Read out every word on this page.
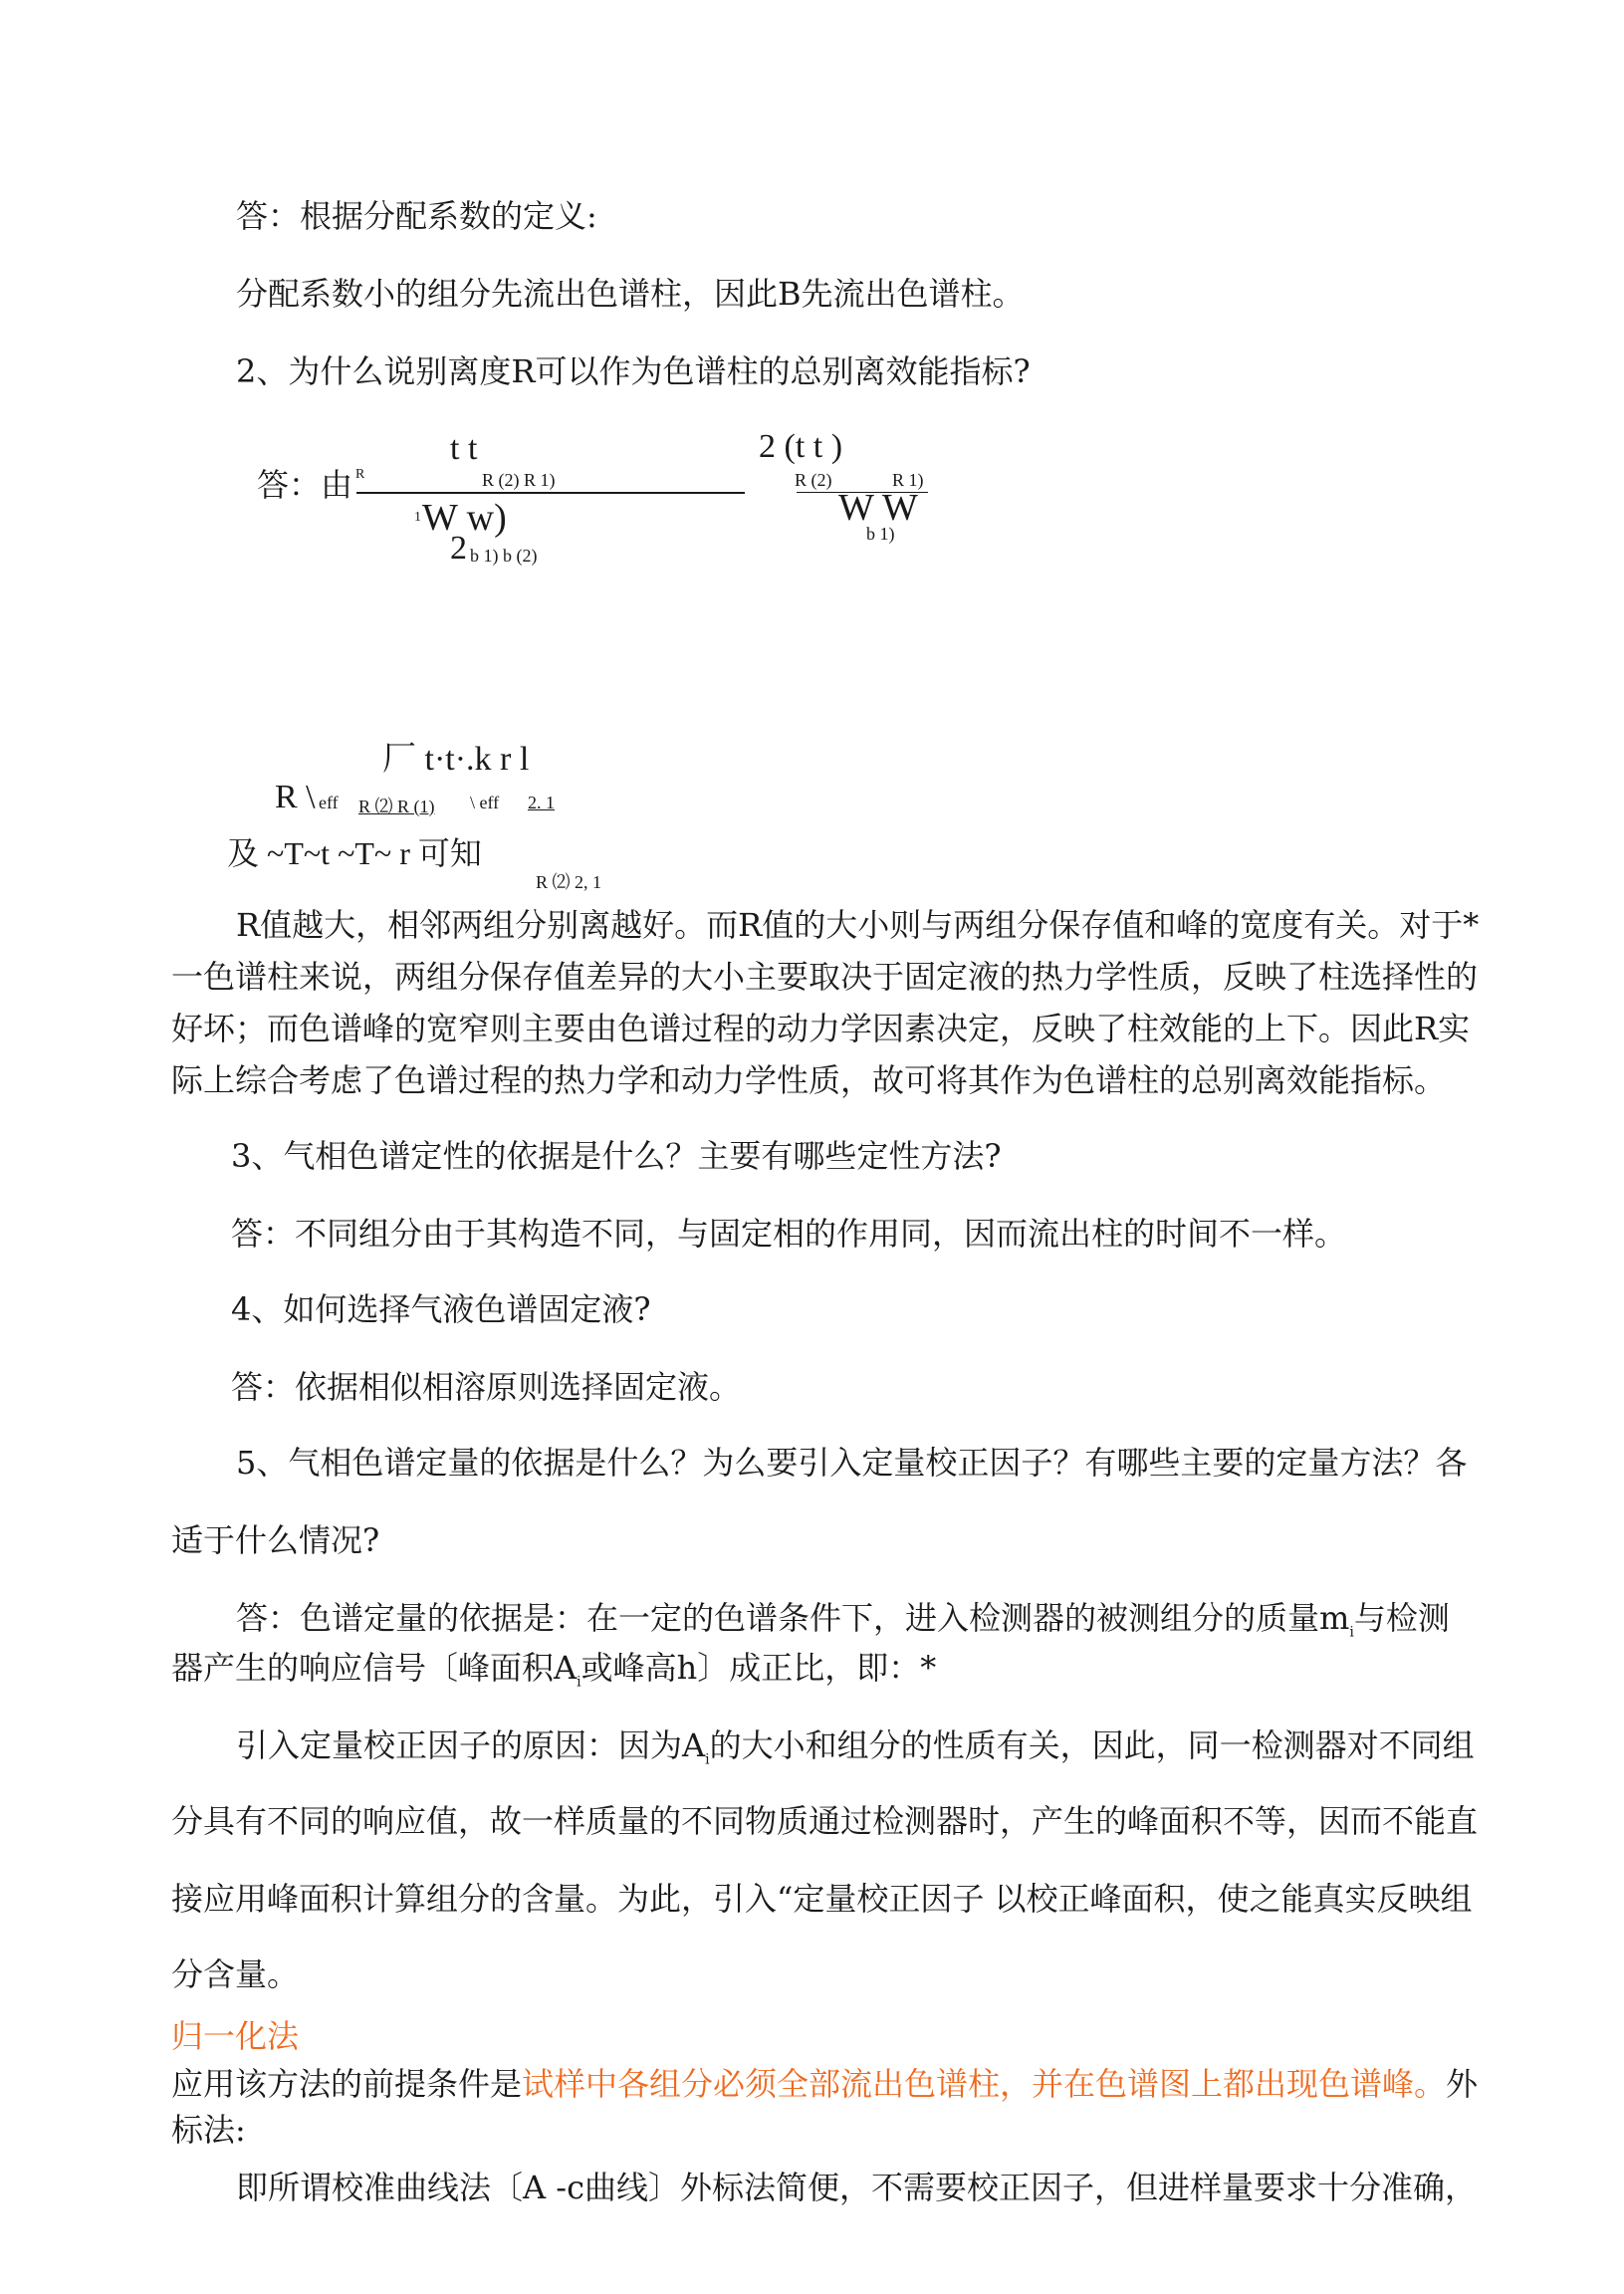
答：根据分配系数的定义:
分配系数小的组分先流出色谱柱，因此B先流出色谱柱。
2、为什么说别离度R可以作为色谱柱的总别离效能指标?
答：由 R
t t
R (2) R 1)
1 W w)
2 b 1) b (2)
2 (t t )
R (2)	R 1)
W W
b 1)
厂 t·t·.k r l
R \ eff R ⑵ R (1) \ eff 2. 1
及 ~T~t ~T~ r 可知
R ⑵ 2, 1
R值越大，相邻两组分别离越好。而R值的大小则与两组分保存值和峰的宽度有关。对于*
一色谱柱来说，两组分保存值差异的大小主要取决于固定液的热力学性质，反映了柱选择性的
好坏；而色谱峰的宽窄则主要由色谱过程的动力学因素决定，反映了柱效能的上下。因此R实
际上综合考虑了色谱过程的热力学和动力学性质，故可将其作为色谱柱的总别离效能指标。
3、气相色谱定性的依据是什么？主要有哪些定性方法?
答：不同组分由于其构造不同，与固定相的作用同，因而流出柱的时间不一样。
4、如何选择气液色谱固定液?
答：依据相似相溶原则选择固定液。
5、气相色谱定量的依据是什么？为么要引入定量校正因子？有哪些主要的定量方法？各
适于什么情况?
答：色谱定量的依据是：在一定的色谱条件下，进入检测器的被测组分的质量$m_i$与检测
器产生的响应信号〔峰面积$A_i$或峰高h〕成正比，即：*
引入定量校正因子的原因：因为$A_i$的大小和组分的性质有关，因此，同一检测器对不同组
分具有不同的响应值，故一样质量的不同物质通过检测器时，产生的峰面积不等，因而不能直
接应用峰面积计算组分的含量。为此，引入“定量校正因子 以校正峰面积，使之能真实反映组
分含量。
归一化法
应用该方法的前提条件是试样中各组分必须全部流出色谱柱，并在色谱图上都出现色谱峰。外
标法:
即所谓校准曲线法〔A -c曲线〕外标法简便，不需要校正因子，但进样量要求十分准确，
